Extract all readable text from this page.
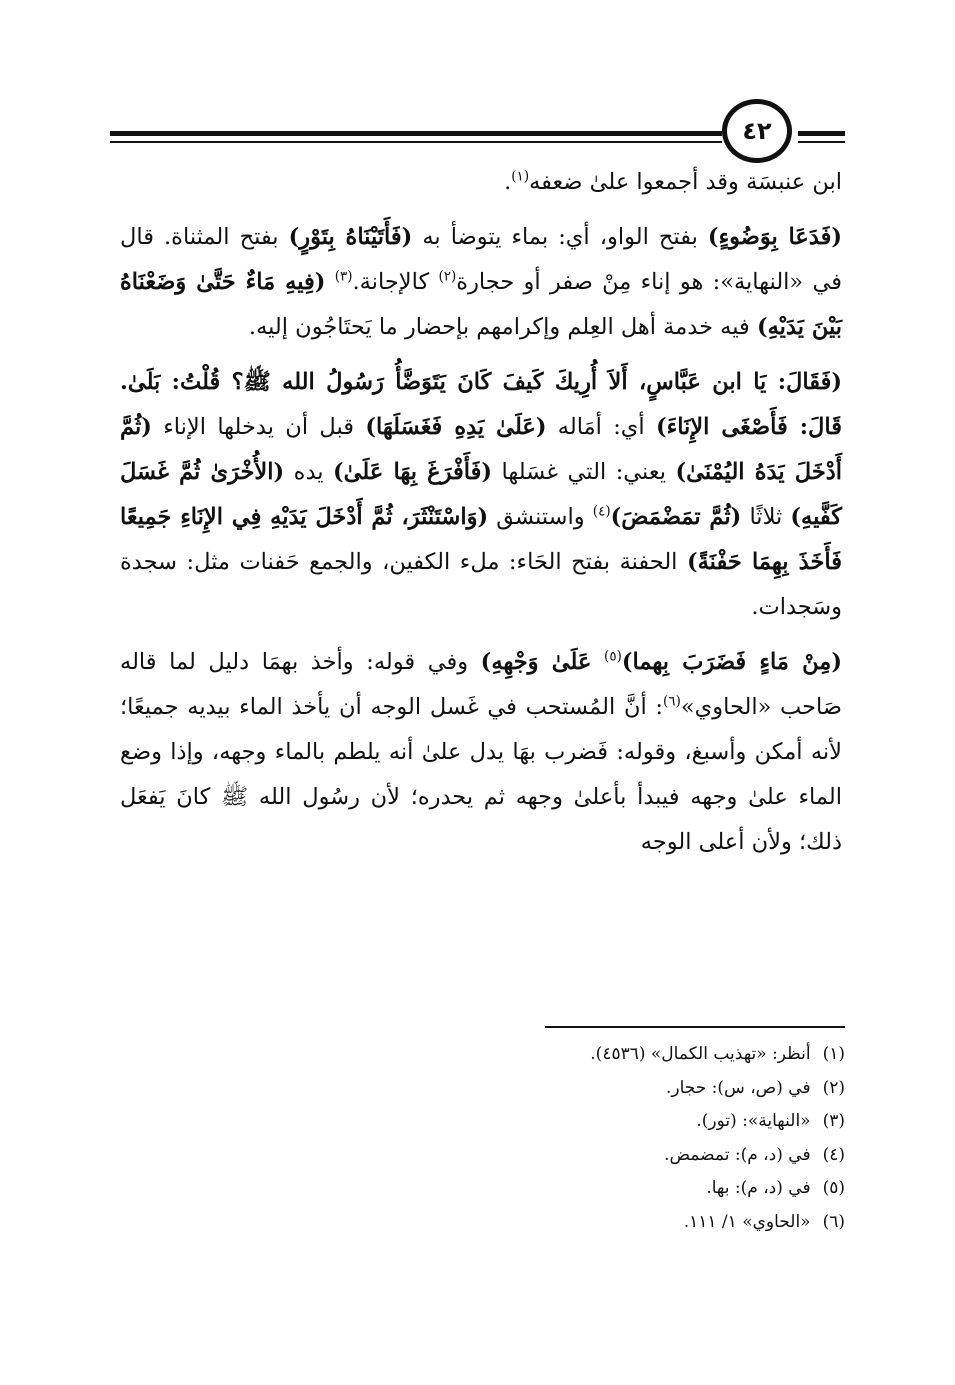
٤٢

ابن عنبسَة وقد أجمعوا علىٰ ضعفه$^{(١)}$.

(فَدَعَا بِوَضُوءٍ) بفتح الواو، أي: بماء يتوضأ به (فَأَتَيْنَاهُ بِتَوْرٍ) بفتح المثناة. قال في «النهاية»: هو إناء مِنْ صفر أو حجارة$^{(٢)}$ كالإجانة.$^{(٣)}$ (فِيهِ مَاءٌ حَتَّىٰ وَضَعْنَاهُ بَيْنَ يَدَيْهِ) فيه خدمة أهل العِلم وإكرامهم بإحضار ما يَحتَاجُون إليه.

(فَقَالَ: يَا ابن عَبَّاسٍ، أَلاَ أُرِيكَ كَيفَ كَانَ يَتَوَضَّأُ رَسُولُ الله ﷺ؟ قُلْتُ: بَلَىٰ. قَالَ: فَأَصْغَى الإِنَاءَ) أي: أمَاله (عَلَىٰ يَدِهِ فَغَسَلَهَا) قبل أن يدخلها الإناء (ثُمَّ أَدْخَلَ يَدَهُ اليُمْنَىٰ) يعني: التي غسَلها (فَأَفْرَغَ بِهَا عَلَىٰ) يده (الأُخْرَىٰ ثُمَّ غَسَلَ كَفَّيهِ) ثلاثًا (ثُمَّ تمَضْمَضَ)$^{(٤)}$ واستنشق (وَاسْتَنْثَرَ، ثُمَّ أَدْخَلَ يَدَيْهِ فِي الإِنَاءِ جَمِيعًا فَأَخَذَ بِهِمَا حَفْنَةً) الحفنة بفتح الحَاء: ملء الكفين، والجمع حَفنات مثل: سجدة وسَجدات.

(مِنْ مَاءٍ فَضَرَبَ بِهما)$^{(٥)}$ عَلَىٰ وَجْهِهِ) وفي قوله: وأخذ بهمَا دليل لما قاله صَاحب «الحاوي»$^{(٦)}$: أنَّ المُستحب في غَسل الوجه أن يأخذ الماء بيديه جميعًا؛ لأنه أمكن وأسبغ، وقوله: فَضرب بهَا يدل علىٰ أنه يلطم بالماء وجهه، وإذا وضع الماء علىٰ وجهه فيبدأ بأعلىٰ وجهه ثم يحدره؛ لأن رسُول الله ﷺ كانَ يَفعَل ذلك؛ ولأن أعلى الوجه

(١)أنظر: «تهذيب الكمال» (٤٥٣٦).
(٢)في (ص، س): حجار.
(٣)«النهاية»: (تور).
(٤)في (د، م): تمضمض.
(٥)في (د، م): بها.
(٦)«الحاوي» ١/ ١١١.
